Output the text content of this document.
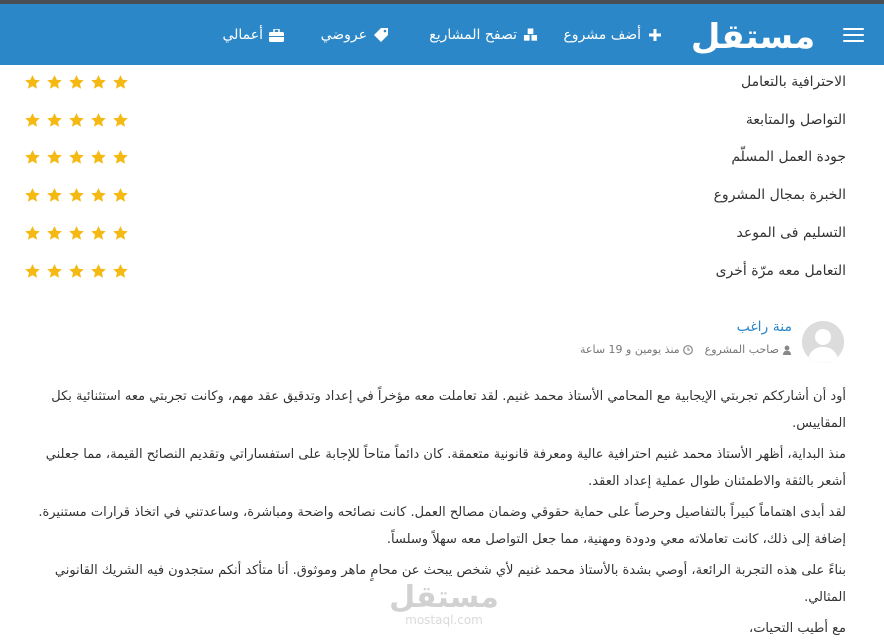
مستقل
أضف مشروع
تصفح المشاريع
عروضي
أعمالي
الاحترافية بالتعامل
التواصل والمتابعة
جودة العمل المسلّم
الخبرة بمجال المشروع
التسليم فى الموعد
التعامل معه مرّة أخرى
منة راغب
صاحب المشروع
منذ يومين و 19 ساعة

أود أن أشارككم تجربتي الإيجابية مع المحامي الأستاذ محمد غنيم. لقد تعاملت معه مؤخراً في إعداد وتدقيق عقد مهم، وكانت تجربتي معه استثنائية بكل المقاييس.

منذ البداية، أظهر الأستاذ محمد غنيم احترافية عالية ومعرفة قانونية متعمقة. كان دائماً متاحاً للإجابة على استفساراتي وتقديم النصائح القيمة، مما جعلني أشعر بالثقة والاطمئنان طوال عملية إعداد العقد.

لقد أبدى اهتماماً كبيراً بالتفاصيل وحرصاً على حماية حقوقي وضمان مصالح العمل. كانت نصائحه واضحة ومباشرة، وساعدتني في اتخاذ قرارات مستنيرة. إضافة إلى ذلك، كانت تعاملاته معي ودودة ومهنية، مما جعل التواصل معه سهلاً وسلساً.

بناءً على هذه التجربة الرائعة، أوصي بشدة بالأستاذ محمد غنيم لأي شخص يبحث عن محامٍ ماهر وموثوق. أنا متأكد أنكم ستجدون فيه الشريك القانوني المثالي.

مع أطيب التحيات،

مستقل
mostaql.com
